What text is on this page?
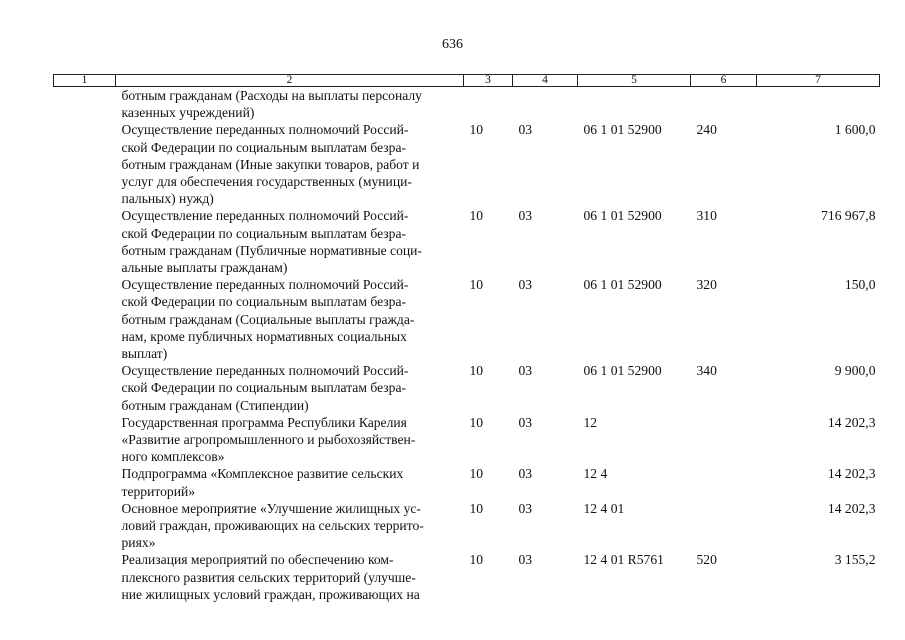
636
1	2	3	4	5	6	7
	ботным гражданам (Расходы на выплаты персоналу
казенных учреждений)					
	Осуществление переданных полномочий Россий-
ской Федерации по социальным выплатам безра-
ботным гражданам (Иные закупки товаров, работ и
услуг для обеспечения государственных (муници-
пальных) нужд)	10	03	06 1 01 52900	240	1 600,0
	Осуществление переданных полномочий Россий-
ской Федерации по социальным выплатам безра-
ботным гражданам (Публичные нормативные соци-
альные выплаты гражданам)	10	03	06 1 01 52900	310	716 967,8
	Осуществление переданных полномочий Россий-
ской Федерации по социальным выплатам безра-
ботным гражданам (Социальные выплаты гражда-
нам, кроме публичных нормативных социальных
выплат)	10	03	06 1 01 52900	320	150,0
	Осуществление переданных полномочий Россий-
ской Федерации по социальным выплатам безра-
ботным гражданам (Стипендии)	10	03	06 1 01 52900	340	9 900,0
	Государственная программа Республики Карелия
«Развитие агропромышленного и рыбохозяйствен-
ного комплексов»	10	03	12		14 202,3
	Подпрограмма «Комплексное развитие сельских
территорий»	10	03	12 4		14 202,3
	Основное мероприятие «Улучшение жилищных ус-
ловий граждан, проживающих на сельских террито-
риях»	10	03	12 4 01		14 202,3
	Реализация мероприятий по обеспечению ком-
плексного развития сельских территорий (улучше-
ние жилищных условий граждан, проживающих на	10	03	12 4 01 R5761	520	3 155,2
